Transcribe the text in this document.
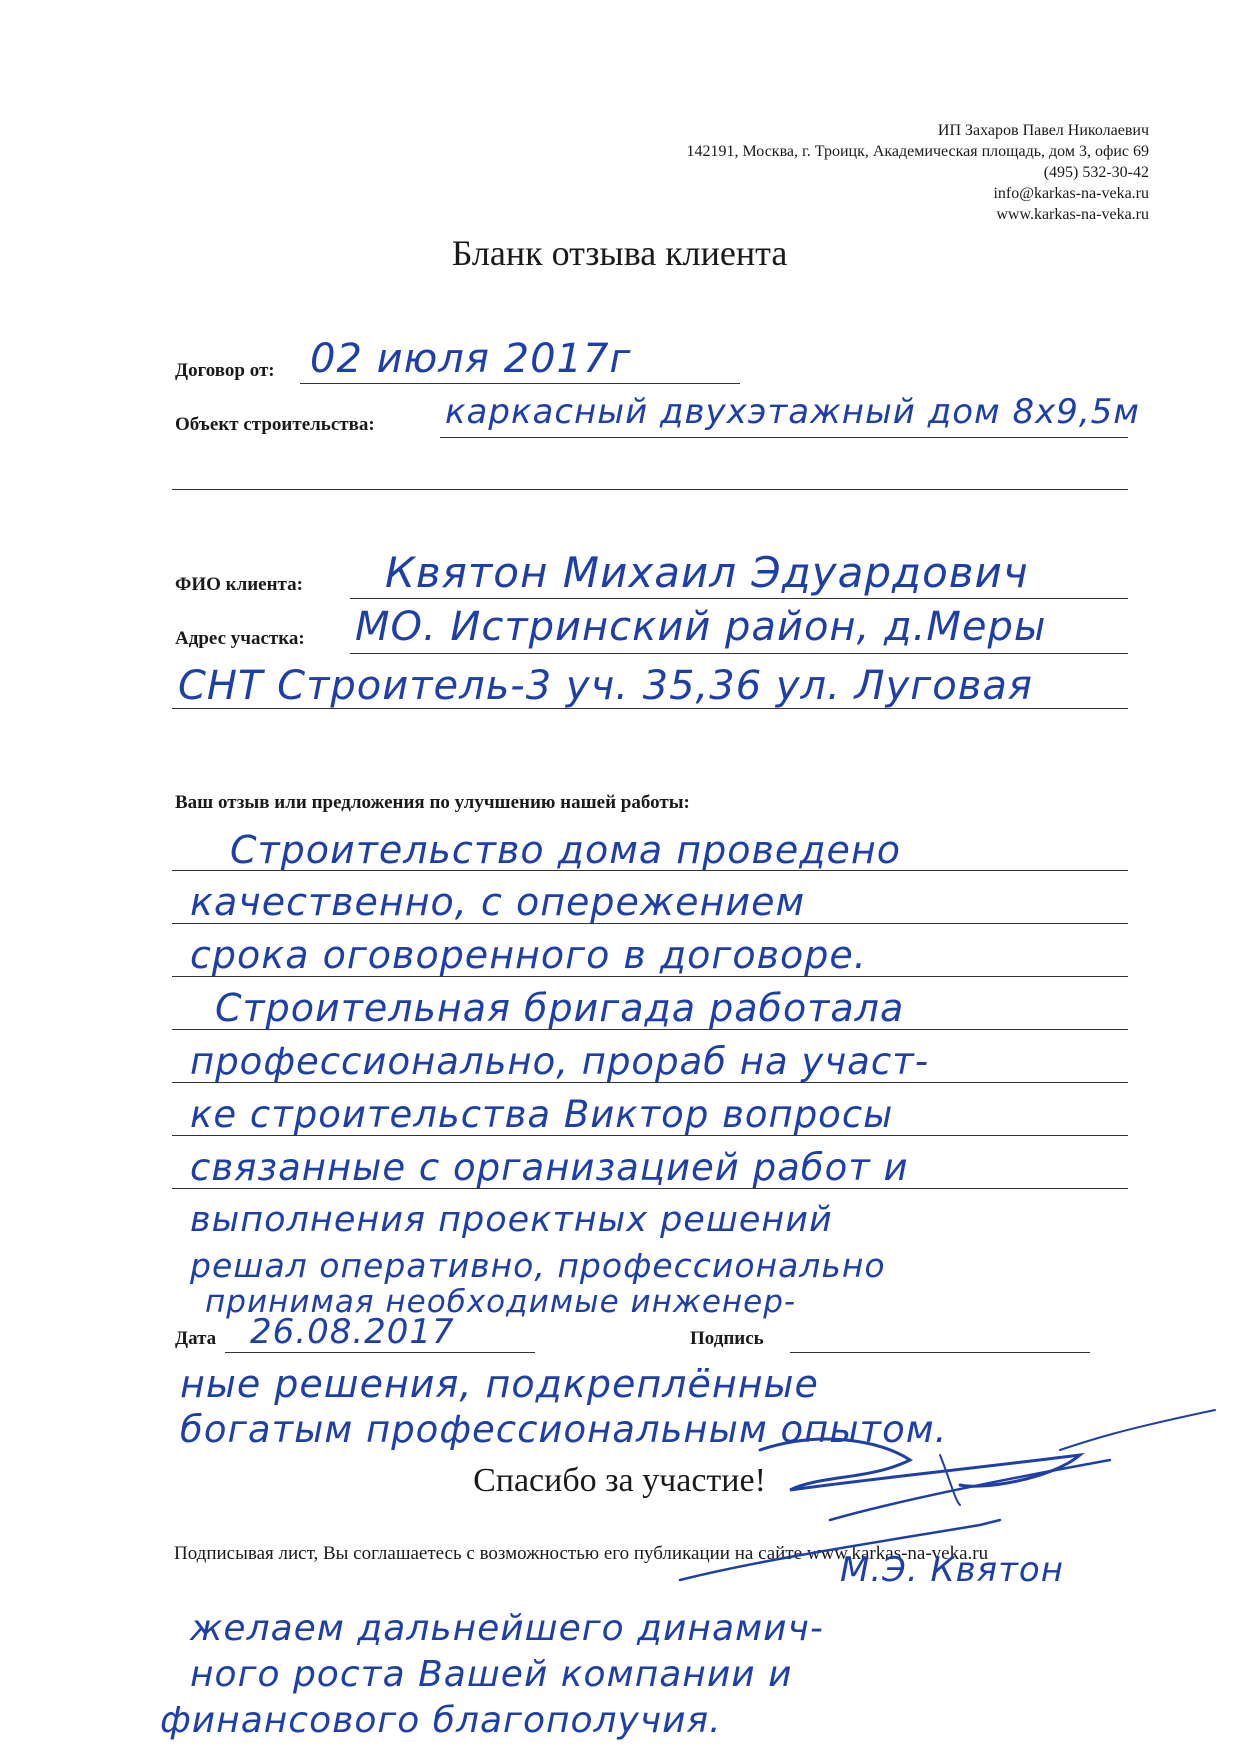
ИП Захаров Павел Николаевич
142191, Москва, г. Троицк, Академическая площадь, дом 3, офис 69
(495) 532-30-42
info@karkas-na-veka.ru
www.karkas-na-veka.ru
Бланк отзыва клиента
Договор от: 02 июля 2017г
Объект строительства: каркасный двухэтажный дом 8х9,5м
ФИО клиента: Квятон Михаил Эдуардович
Адрес участка: МО. Истринский район, д.Меры
СНТ Строитель-3 уч. 35,36 ул. Луговая
Ваш отзыв или предложения по улучшению нашей работы:
Строительство дома проведено
качественно, с опережением
срока оговоренного в договоре.
Строительная бригада работала
профессионально, прораб на участ-
ке строительства Виктор вопросы
связанные с организацией работ и
выполнения проектных решений
решал оперативно, профессионально
принимая необходимые инженер-
Дата 26.08.2017	Подпись
ные решения, подкреплённые
богатым профессиональным опытом.
Спасибо за участие!
Подписывая лист, Вы соглашаетесь с возможностью его публикации на сайте www.karkas-na-veka.ru
М.Э. Квятон
желаем дальнейшего динамич-
ного роста Вашей компании и
финансового благополучия.
